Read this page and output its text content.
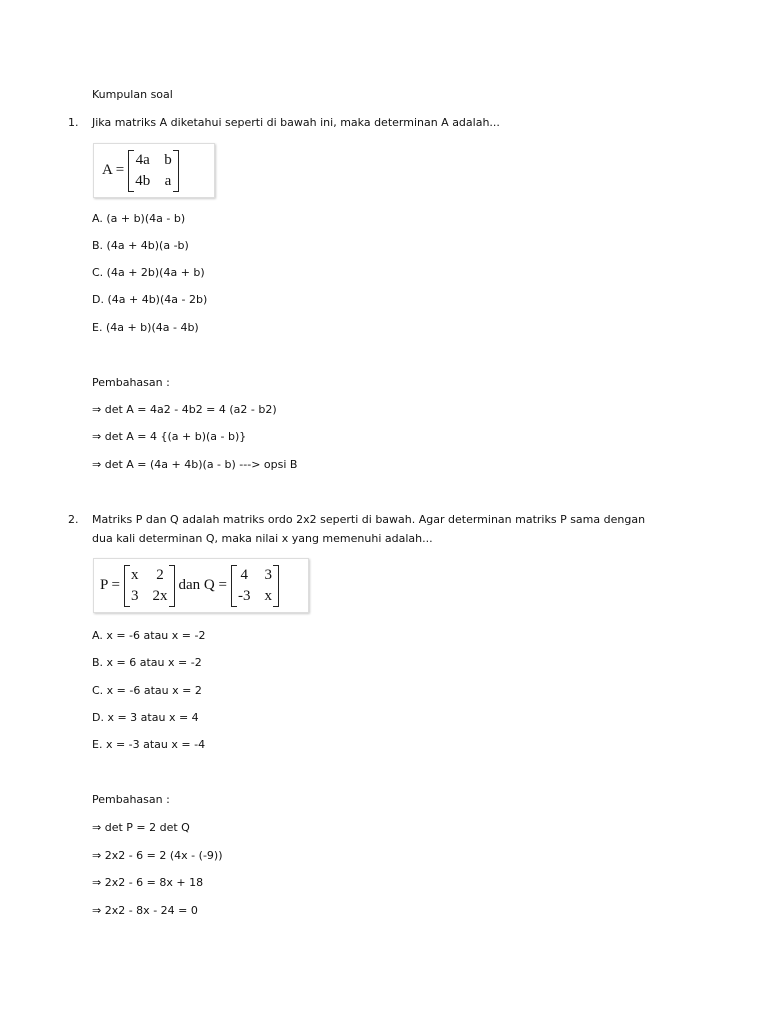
Kumpulan soal
1. Jika matriks A diketahui seperti di bawah ini, maka determinan A adalah...
A =
4a b
4b a
A. (a + b)(4a - b)
B. (4a + 4b)(a -b)
C. (4a + 2b)(4a + b)
D. (4a + 4b)(4a - 2b)
E. (4a + b)(4a - 4b)
Pembahasan :
⇒ det A = 4a2 - 4b2 = 4 (a2 - b2)
⇒ det A = 4 {(a + b)(a - b)}
⇒ det A = (4a + 4b)(a - b) ---> opsi B
2. Matriks P dan Q adalah matriks ordo 2x2 seperti di bawah. Agar determinan matriks P sama dengan
dua kali determinan Q, maka nilai x yang memenuhi adalah...
P =
x 2
3 2x
dan Q =
4 3
-3 x
A. x = -6 atau x = -2
B. x = 6 atau x = -2
C. x = -6 atau x = 2
D. x = 3 atau x = 4
E. x = -3 atau x = -4
Pembahasan :
⇒ det P = 2 det Q
⇒ 2x2 - 6 = 2 (4x - (-9))
⇒ 2x2 - 6 = 8x + 18
⇒ 2x2 - 8x - 24 = 0
